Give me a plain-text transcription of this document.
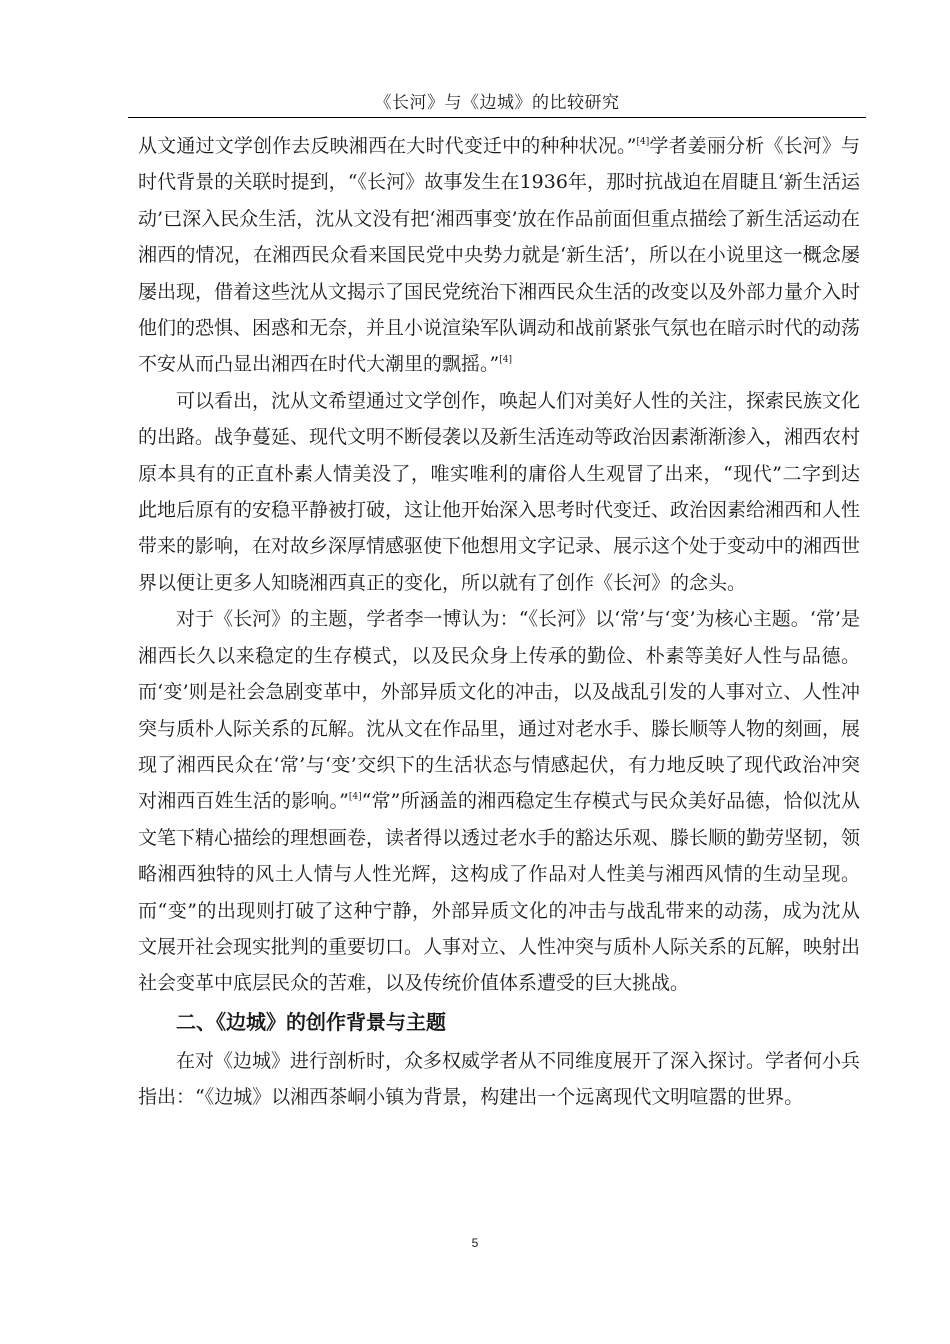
《长河》与《边城》的比较研究

从文通过文学创作去反映湘西在大时代变迁中的种种状况。”[4]学者姜丽分析《长河》与时代背景的关联时提到，“《长河》故事发生在1936年，那时抗战迫在眉睫且‘新生活运动’已深入民众生活，沈从文没有把‘湘西事变’放在作品前面但重点描绘了新生活运动在湘西的情况，在湘西民众看来国民党中央势力就是‘新生活’，所以在小说里这一概念屡屡出现，借着这些沈从文揭示了国民党统治下湘西民众生活的改变以及外部力量介入时他们的恐惧、困惑和无奈，并且小说渲染军队调动和战前紧张气氛也在暗示时代的动荡不安从而凸显出湘西在时代大潮里的飘摇。”[4]

可以看出，沈从文希望通过文学创作，唤起人们对美好人性的关注，探索民族文化的出路。战争蔓延、现代文明不断侵袭以及新生活连动等政治因素渐渐渗入，湘西农村原本具有的正直朴素人情美没了，唯实唯利的庸俗人生观冒了出来，“现代”二字到达此地后原有的安稳平静被打破，这让他开始深入思考时代变迁、政治因素给湘西和人性带来的影响，在对故乡深厚情感驱使下他想用文字记录、展示这个处于变动中的湘西世界以便让更多人知晓湘西真正的变化，所以就有了创作《长河》的念头。

对于《长河》的主题，学者李一博认为：“《长河》以‘常’与‘变’为核心主题。‘常’是湘西长久以来稳定的生存模式，以及民众身上传承的勤俭、朴素等美好人性与品德。而‘变’则是社会急剧变革中，外部异质文化的冲击，以及战乱引发的人事对立、人性冲突与质朴人际关系的瓦解。沈从文在作品里，通过对老水手、滕长顺等人物的刻画，展现了湘西民众在‘常’与‘变’交织下的生活状态与情感起伏，有力地反映了现代政治冲突对湘西百姓生活的影响。”[4]“常”所涵盖的湘西稳定生存模式与民众美好品德，恰似沈从文笔下精心描绘的理想画卷，读者得以透过老水手的豁达乐观、滕长顺的勤劳坚韧，领略湘西独特的风土人情与人性光辉，这构成了作品对人性美与湘西风情的生动呈现。而“变”的出现则打破了这种宁静，外部异质文化的冲击与战乱带来的动荡，成为沈从文展开社会现实批判的重要切口。人事对立、人性冲突与质朴人际关系的瓦解，映射出社会变革中底层民众的苦难，以及传统价值体系遭受的巨大挑战。

二、《边城》的创作背景与主题

在对《边城》进行剖析时，众多权威学者从不同维度展开了深入探讨。学者何小兵指出：“《边城》以湘西茶峒小镇为背景，构建出一个远离现代文明喧嚣的世界。

5
